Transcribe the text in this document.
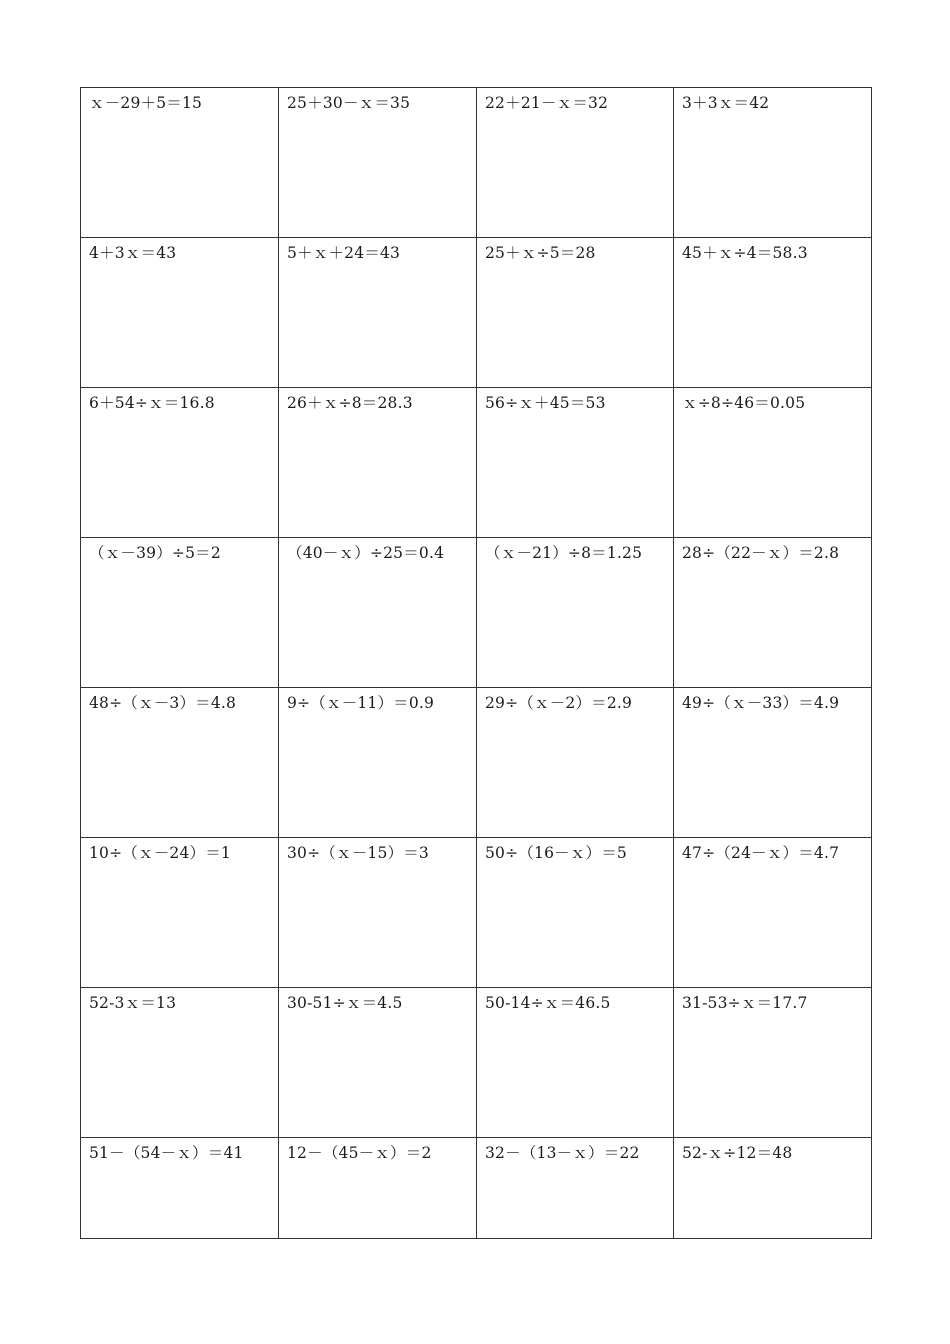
ｘ－29＋5＝15	25＋30－ｘ＝35	22＋21－ｘ＝32	3＋3ｘ＝42

4＋3ｘ＝43	5＋ｘ＋24＝43	25＋ｘ÷5＝28	45＋ｘ÷4＝58.3

6＋54÷ｘ＝16.8	26＋ｘ÷8＝28.3	56÷ｘ＋45＝53	ｘ÷8÷46＝0.05

（ｘ－39）÷5＝2	（40－ｘ）÷25＝0.4	（ｘ－21）÷8＝1.25	28÷（22－ｘ）＝2.8

48÷（ｘ－3）＝4.8	9÷（ｘ－11）＝0.9	29÷（ｘ－2）＝2.9	49÷（ｘ－33）＝4.9

10÷（ｘ－24）＝1	30÷（ｘ－15）＝3	50÷（16－ｘ）＝5	47÷（24－ｘ）＝4.7

52-3ｘ＝13	30-51÷ｘ＝4.5	50-14÷ｘ＝46.5	31-53÷ｘ＝17.7

51－（54－ｘ）＝41	12－（45－ｘ）＝2	32－（13－ｘ）＝22	52-ｘ÷12＝48
